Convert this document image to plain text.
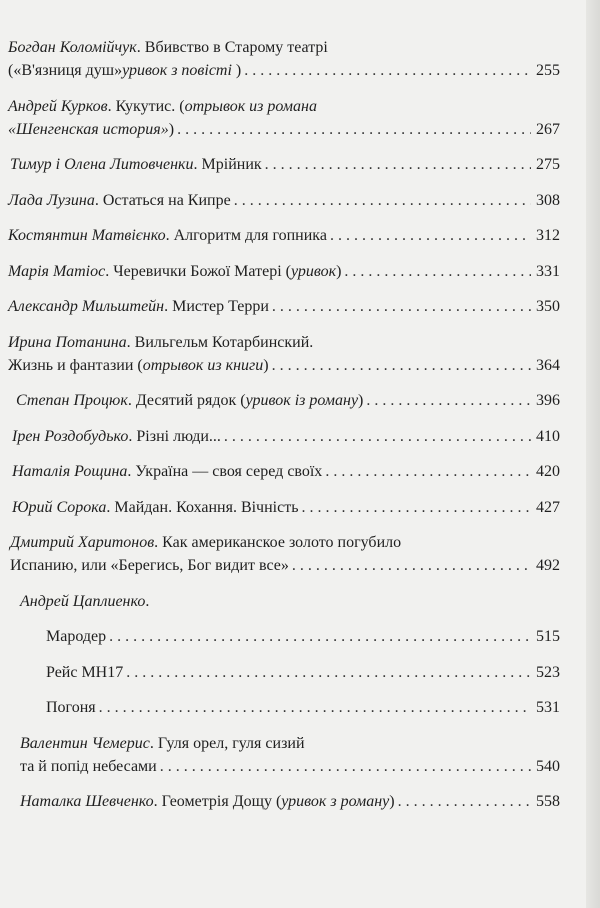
Богдан Коломійчук. Вбивство в Старому театрі
(«В'язниця душ»уривок з повісті ) . . .	255
Андрей Курков. Кукутис. (отрывок из романа
«Шенгенская история») . . .	267
Тимур і Олена Литовченки. Мрійник . . .	275
Лада Лузина. Остаться на Кипре . . .	308
Костянтин Матвієнко. Алгоритм для гопника . . .	312
Марія Матіос. Черевички Божої Матері (уривок) . . .	331
Александр Мильштейн. Мистер Терри . . .	350
Ирина Потанина. Вильгельм Котарбинский.
Жизнь и фантазии (отрывок из книги) . . .	364
Степан Процюк. Десятий рядок (уривок із роману) . . .	396
Ірен Роздобудько. Різні люди... . . .	410
Наталія Рощина. Україна — своя серед своїх . . .	420
Юрий Сорока. Майдан. Кохання. Вічність . . .	427
Дмитрий Харитонов. Как американское золото погубило
Испанию, или «Берегись, Бог видит все» . . .	492
Андрей Цаплиенко.
Мародер . . .	515
Рейс МН17 . . .	523
Погоня . . .	531
Валентин Чемерис. Гуля орел, гуля сизий
та й попід небесами . . .	540
Наталка Шевченко. Геометрія Дощу (уривок з роману) . . .	558
